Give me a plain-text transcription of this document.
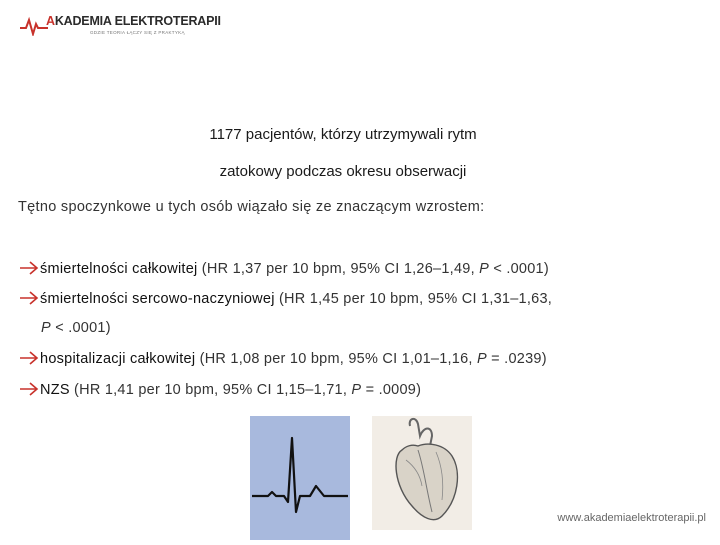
AKADEMIA ELEKTROTERAPII
GDZIE TEORIA ŁĄCZY SIĘ Z PRAKTYKĄ
1177 pacjentów, którzy utrzymywali rytm
zatokowy podczas okresu obserwacji
Tętno spoczynkowe u tych osób wiązało się ze znaczącym wzrostem:
śmiertelności całkowitej (HR 1,37 per 10 bpm, 95% CI 1,26–1,49, P < .0001)
śmiertelności sercowo-naczyniowej (HR 1,45 per 10 bpm, 95% CI 1,31–1,63,
P < .0001)
hospitalizacji całkowitej (HR 1,08 per 10 bpm, 95% CI 1,01–1,16, P = .0239)
NZS (HR 1,41 per 10 bpm, 95% CI 1,15–1,71, P = .0009)
www.akademiaelektroterapii.pl
